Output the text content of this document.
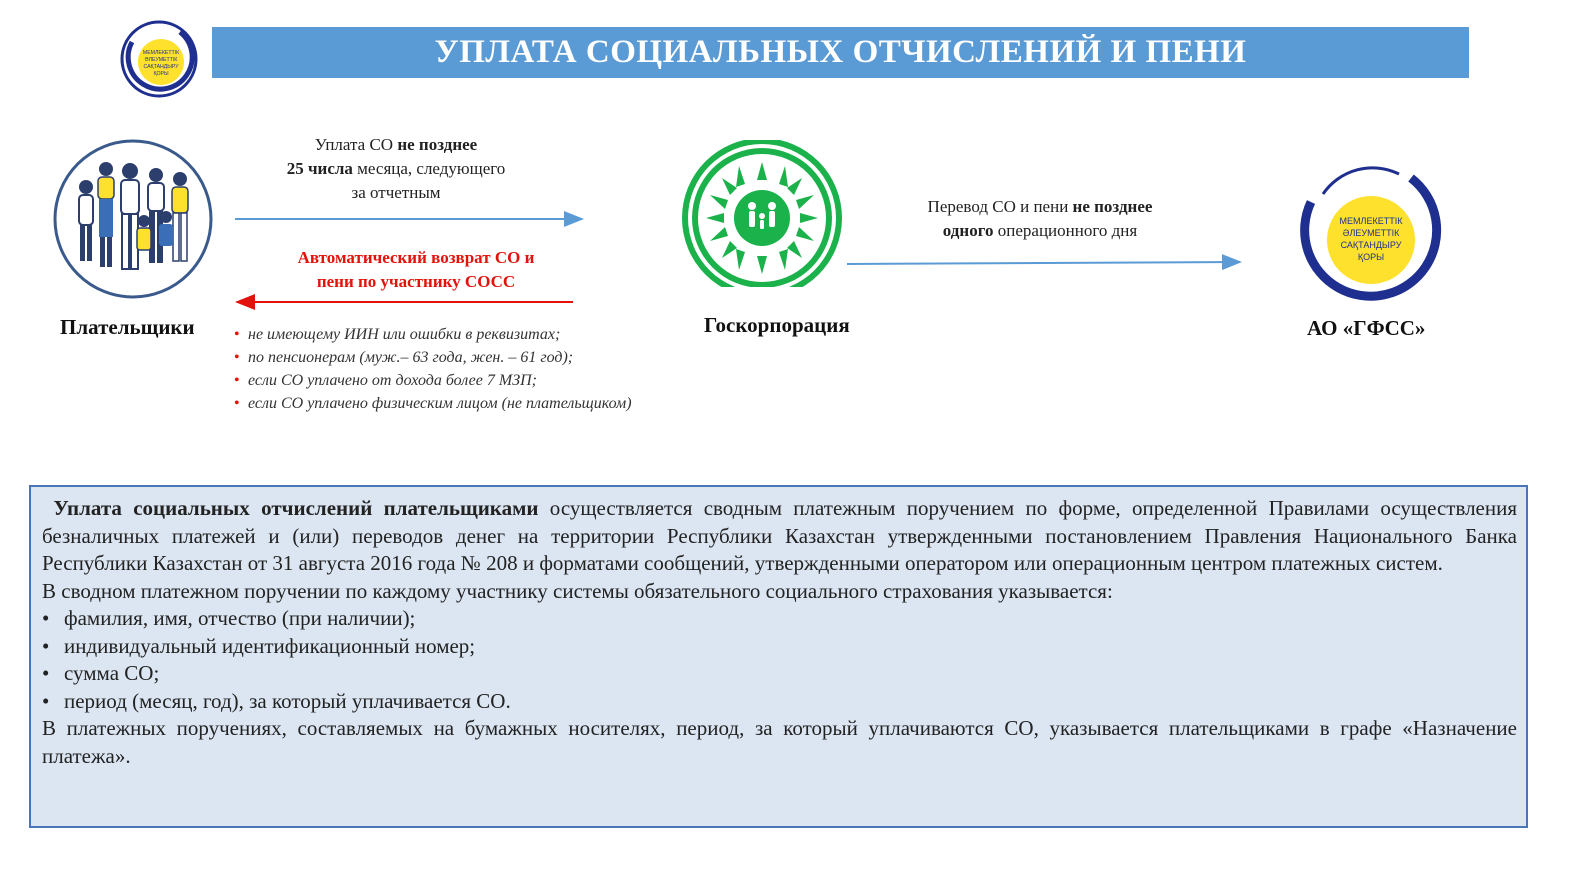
МЕМЛЕКЕТТІК
ӘЛЕУМЕТТІК
САҚТАНДЫРУ
ҚОРЫ
УПЛАТА СОЦИАЛЬНЫХ ОТЧИСЛЕНИЙ И ПЕНИ
Плательщики
Уплата СО не позднее
25 числа месяца, следующего
за отчетным
Автоматический возврат СО и
пени по участнику СОСС
• не имеющему ИИН или ошибки в реквизитах;
• по пенсионерам (муж.– 63 года, жен. – 61 год);
• если СО уплачено от дохода более 7 МЗП;
• если СО уплачено физическим лицом (не плательщиком)
Госкорпорация
Перевод СО и пени не позднее
одного операционного дня	МЕМЛЕКЕТТІК
ӘЛЕУМЕТТІК
САҚТАНДЫРУ
ҚОРЫ
АО «ГФСС»

Уплата социальных отчислений плательщиками осуществляется сводным платежным поручением по форме, определенной Правилами осуществления безналичных платежей и (или) переводов денег на территории Республики Казахстан утвержденными постановлением Правления Национального Банка Республики Казахстан от 31 августа 2016 года № 208 и форматами сообщений, утвержденными оператором или операционным центром платежных систем.

В сводном платежном поручении по каждому участнику системы обязательного социального страхования указывается:

• фамилия, имя, отчество (при наличии);
• индивидуальный идентификационный номер;
• сумма СО;
• период (месяц, год), за который уплачивается СО.

В платежных поручениях, составляемых на бумажных носителях, период, за который уплачиваются СО, указывается плательщиками в графе «Назначение платежа».
